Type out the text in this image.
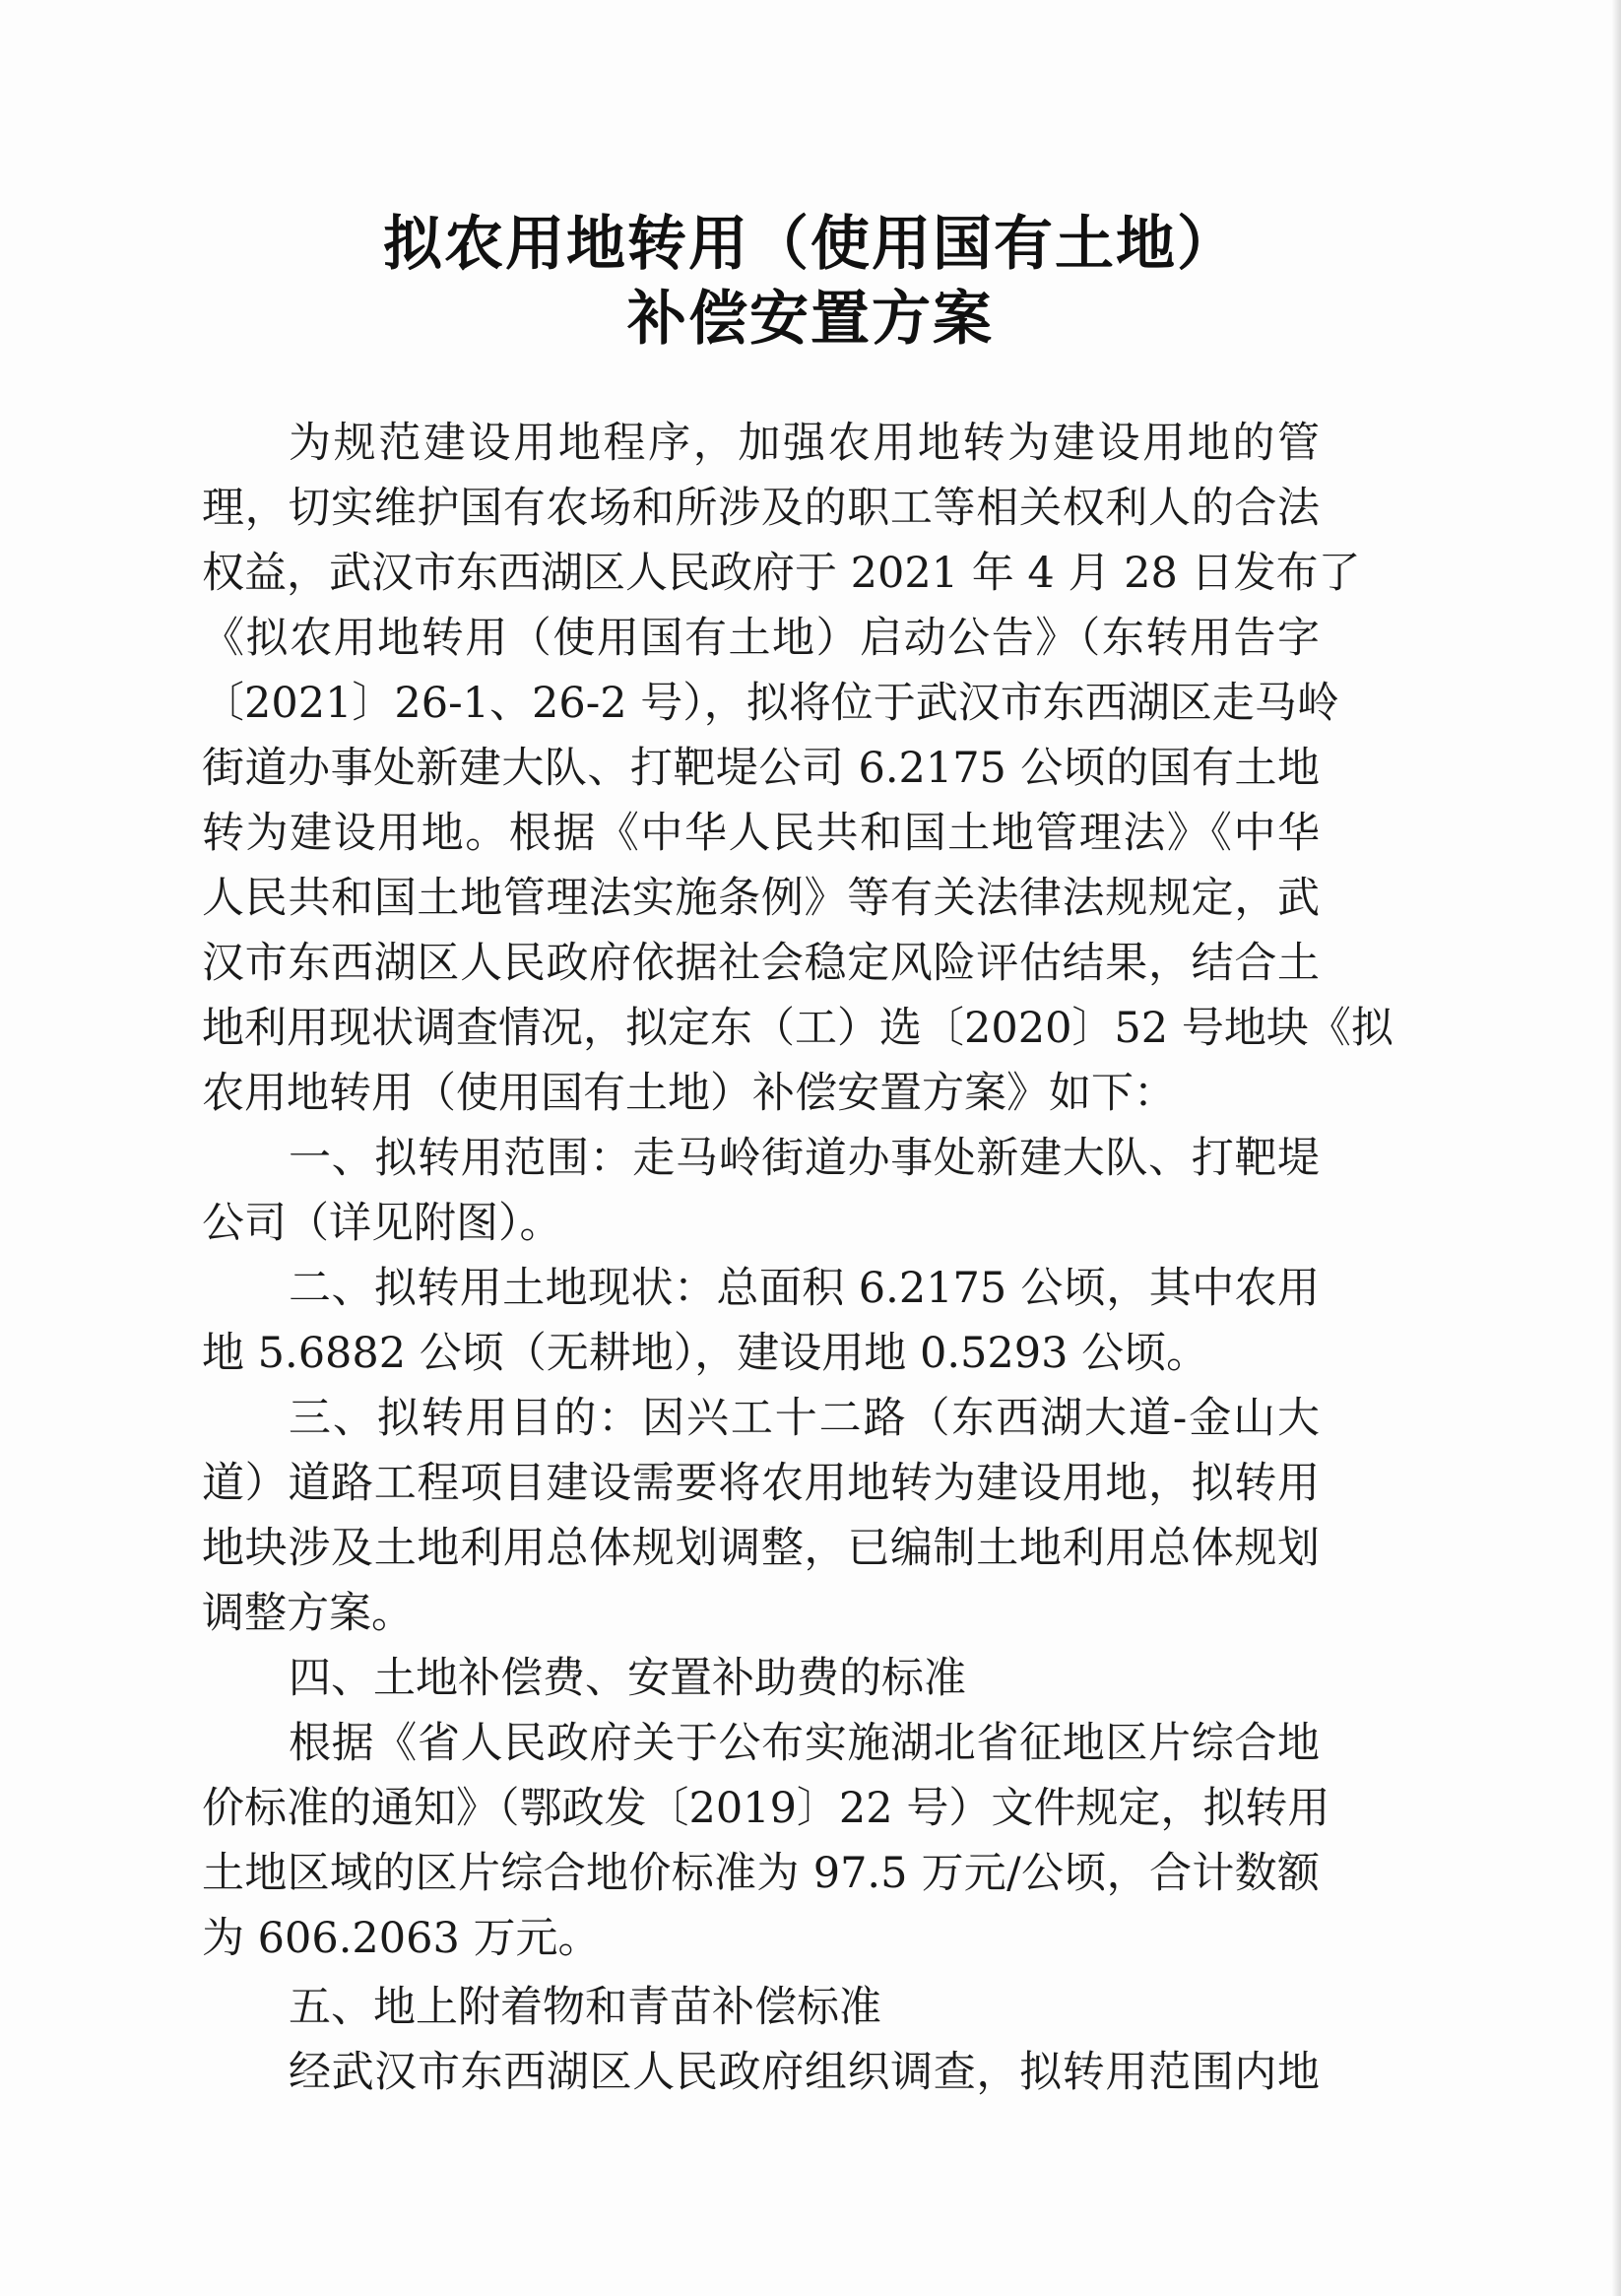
拟农用地转用（使用国有土地）
补偿安置方案
为规范建设用地程序，加强农用地转为建设用地的管
理，切实维护国有农场和所涉及的职工等相关权利人的合法
权益，武汉市东西湖区人民政府于 2021 年 4 月 28 日发布了
《拟农用地转用（使用国有土地）启动公告》（东转用告字
〔2021〕26-1、26-2 号），拟将位于武汉市东西湖区走马岭
街道办事处新建大队、打靶堤公司 6.2175 公顷的国有土地
转为建设用地。根据《中华人民共和国土地管理法》《中华
人民共和国土地管理法实施条例》等有关法律法规规定，武
汉市东西湖区人民政府依据社会稳定风险评估结果，结合土
地利用现状调查情况，拟定东（工）选〔2020〕52 号地块《拟
农用地转用（使用国有土地）补偿安置方案》如下：
一、拟转用范围：走马岭街道办事处新建大队、打靶堤
公司（详见附图）。
二、拟转用土地现状：总面积 6.2175 公顷，其中农用
地 5.6882 公顷（无耕地），建设用地 0.5293 公顷。
三、拟转用目的：因兴工十二路（东西湖大道-金山大
道）道路工程项目建设需要将农用地转为建设用地，拟转用
地块涉及土地利用总体规划调整，已编制土地利用总体规划
调整方案。
四、土地补偿费、安置补助费的标准
根据《省人民政府关于公布实施湖北省征地区片综合地
价标准的通知》（鄂政发〔2019〕22 号）文件规定，拟转用
土地区域的区片综合地价标准为 97.5 万元/公顷，合计数额
为 606.2063 万元。
五、地上附着物和青苗补偿标准
经武汉市东西湖区人民政府组织调查，拟转用范围内地
